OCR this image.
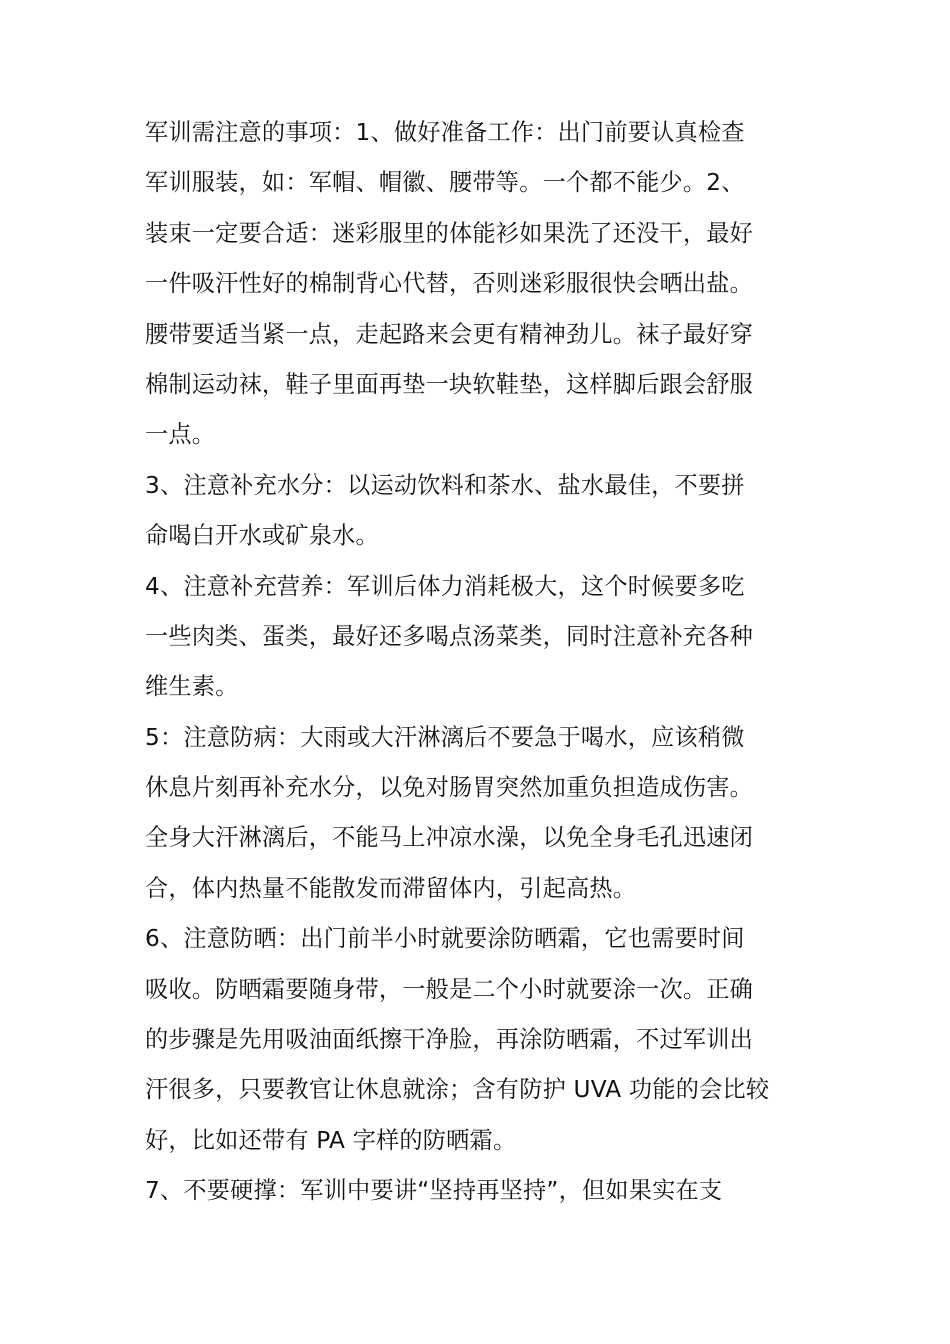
军训需注意的事项：1、做好准备工作：出门前要认真检查
军训服装，如：军帽、帽徽、腰带等。一个都不能少。2、
装束一定要合适：迷彩服里的体能衫如果洗了还没干，最好
一件吸汗性好的棉制背心代替，否则迷彩服很快会晒出盐。
腰带要适当紧一点，走起路来会更有精神劲儿。袜子最好穿
棉制运动袜，鞋子里面再垫一块软鞋垫，这样脚后跟会舒服
一点。
3、注意补充水分：以运动饮料和茶水、盐水最佳，不要拼
命喝白开水或矿泉水。
4、注意补充营养：军训后体力消耗极大，这个时候要多吃
一些肉类、蛋类，最好还多喝点汤菜类，同时注意补充各种
维生素。
5：注意防病：大雨或大汗淋漓后不要急于喝水，应该稍微
休息片刻再补充水分，以免对肠胃突然加重负担造成伤害。
全身大汗淋漓后，不能马上冲凉水澡，以免全身毛孔迅速闭
合，体内热量不能散发而滞留体内，引起高热。
6、注意防晒：出门前半小时就要涂防晒霜，它也需要时间
吸收。防晒霜要随身带，一般是二个小时就要涂一次。正确
的步骤是先用吸油面纸擦干净脸，再涂防晒霜，不过军训出
汗很多，只要教官让休息就涂；含有防护 UVA 功能的会比较
好，比如还带有 PA 字样的防晒霜。
7、不要硬撑：军训中要讲“坚持再坚持”，但如果实在支
